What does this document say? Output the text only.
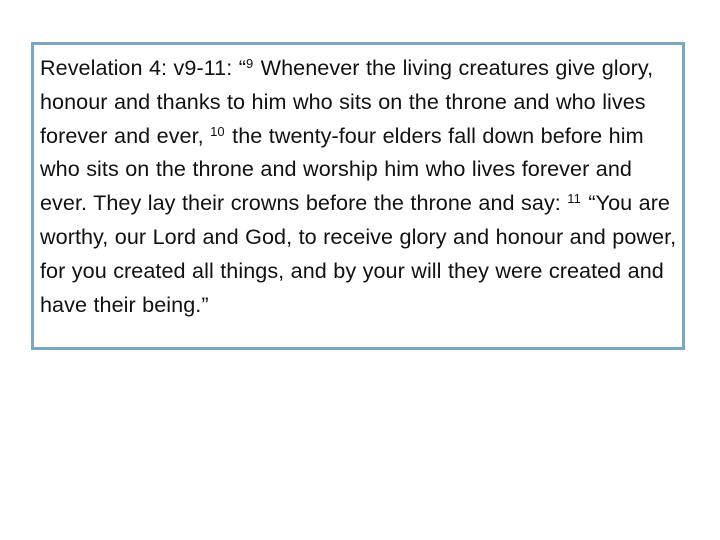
Revelation 4: v9-11: “$^9$ Whenever the living creatures give glory, honour and thanks to him who sits on the throne and who lives forever and ever, $^{10}$ the twenty-four elders fall down before him who sits on the throne and worship him who lives forever and ever. They lay their crowns before the throne and say: $^{11}$ “You are worthy, our Lord and God, to receive glory and honour and power, for you created all things, and by your will they were created and have their being.”
